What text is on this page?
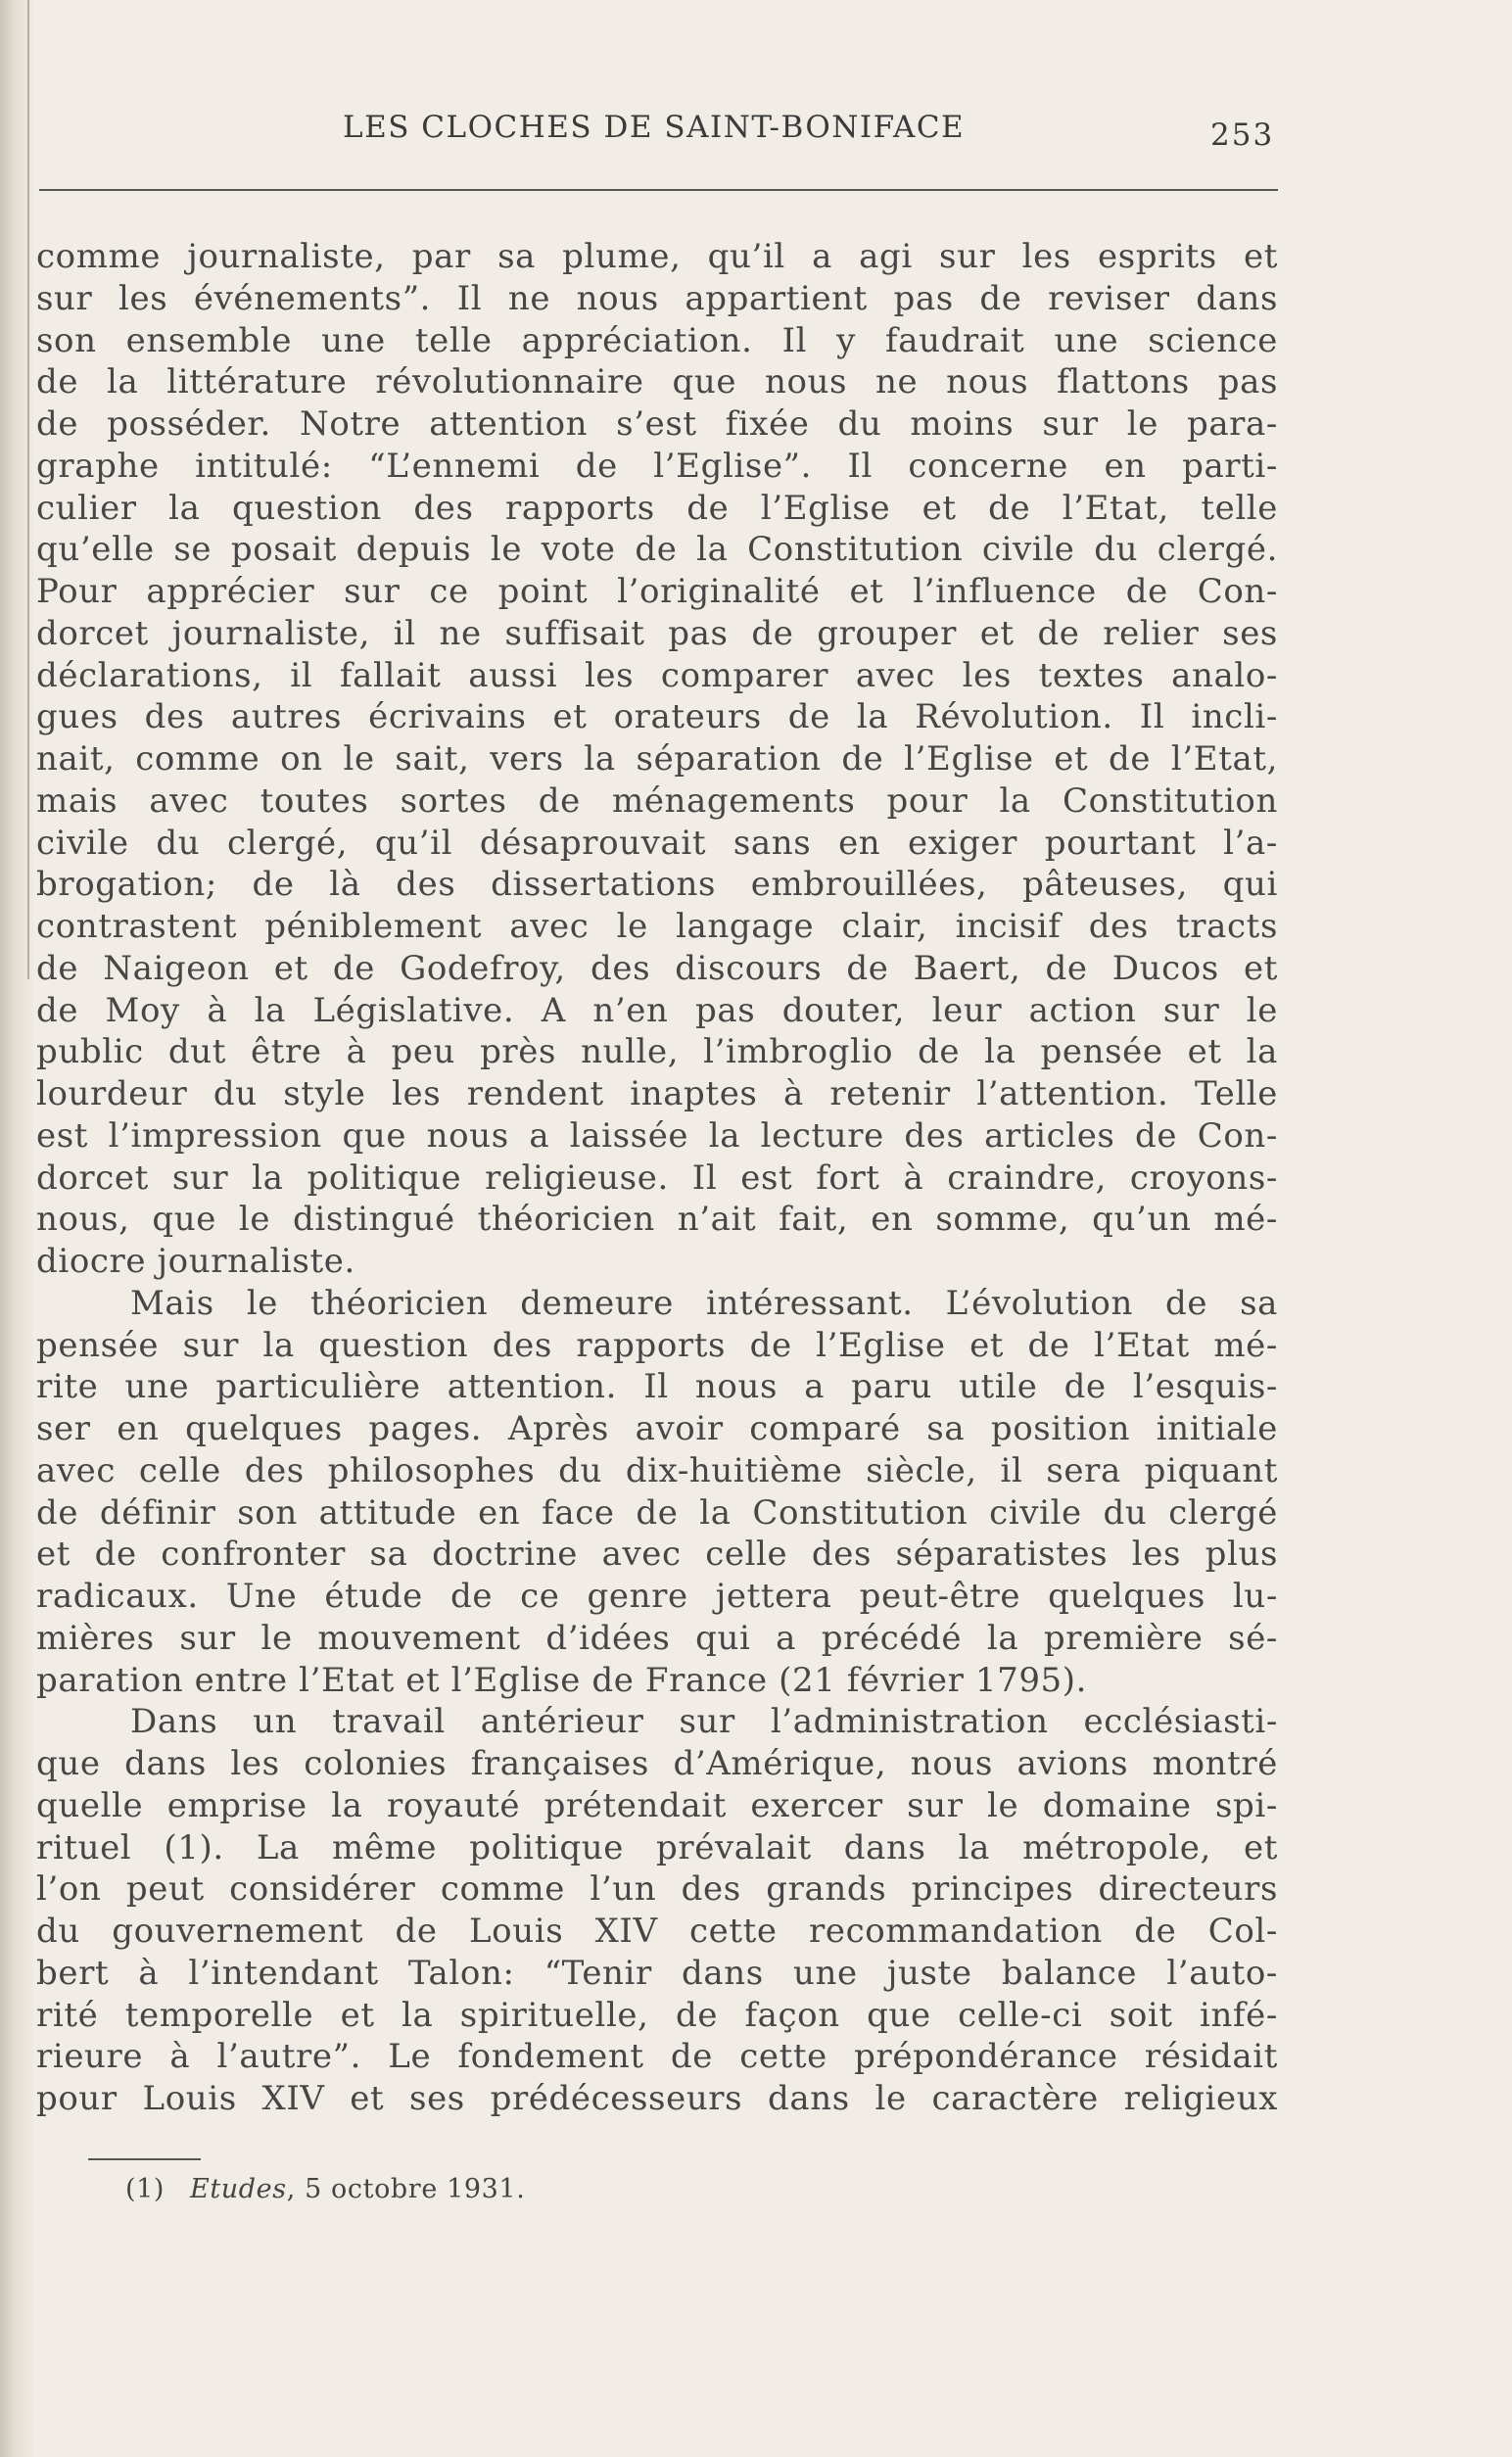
LES CLOCHES DE SAINT-BONIFACE	253
comme journaliste, par sa plume, qu’il a agi sur les esprits et
sur les événements”. Il ne nous appartient pas de reviser dans
son ensemble une telle appréciation. Il y faudrait une science
de la littérature révolutionnaire que nous ne nous flattons pas
de posséder. Notre attention s’est fixée du moins sur le para-
graphe intitulé: “L’ennemi de l’Eglise”. Il concerne en parti-
culier la question des rapports de l’Eglise et de l’Etat, telle
qu’elle se posait depuis le vote de la Constitution civile du clergé.
Pour apprécier sur ce point l’originalité et l’influence de Con-
dorcet journaliste, il ne suffisait pas de grouper et de relier ses
déclarations, il fallait aussi les comparer avec les textes analo-
gues des autres écrivains et orateurs de la Révolution. Il incli-
nait, comme on le sait, vers la séparation de l’Eglise et de l’Etat,
mais avec toutes sortes de ménagements pour la Constitution
civile du clergé, qu’il désaprouvait sans en exiger pourtant l’a-
brogation; de là des dissertations embrouillées, pâteuses, qui
contrastent péniblement avec le langage clair, incisif des tracts
de Naigeon et de Godefroy, des discours de Baert, de Ducos et
de Moy à la Législative. A n’en pas douter, leur action sur le
public dut être à peu près nulle, l’imbroglio de la pensée et la
lourdeur du style les rendent inaptes à retenir l’attention. Telle
est l’impression que nous a laissée la lecture des articles de Con-
dorcet sur la politique religieuse. Il est fort à craindre, croyons-
nous, que le distingué théoricien n’ait fait, en somme, qu’un mé-
diocre journaliste.
Mais le théoricien demeure intéressant. L’évolution de sa
pensée sur la question des rapports de l’Eglise et de l’Etat mé-
rite une particulière attention. Il nous a paru utile de l’esquis-
ser en quelques pages. Après avoir comparé sa position initiale
avec celle des philosophes du dix-huitième siècle, il sera piquant
de définir son attitude en face de la Constitution civile du clergé
et de confronter sa doctrine avec celle des séparatistes les plus
radicaux. Une étude de ce genre jettera peut-être quelques lu-
mières sur le mouvement d’idées qui a précédé la première sé-
paration entre l’Etat et l’Eglise de France (21 février 1795).
Dans un travail antérieur sur l’administration ecclésiasti-
que dans les colonies françaises d’Amérique, nous avions montré
quelle emprise la royauté prétendait exercer sur le domaine spi-
rituel (1). La même politique prévalait dans la métropole, et
l’on peut considérer comme l’un des grands principes directeurs
du gouvernement de Louis XIV cette recommandation de Col-
bert à l’intendant Talon: “Tenir dans une juste balance l’auto-
rité temporelle et la spirituelle, de façon que celle-ci soit infé-
rieure à l’autre”. Le fondement de cette prépondérance résidait
pour Louis XIV et ses prédécesseurs dans le caractère religieux
(1) Etudes, 5 octobre 1931.
